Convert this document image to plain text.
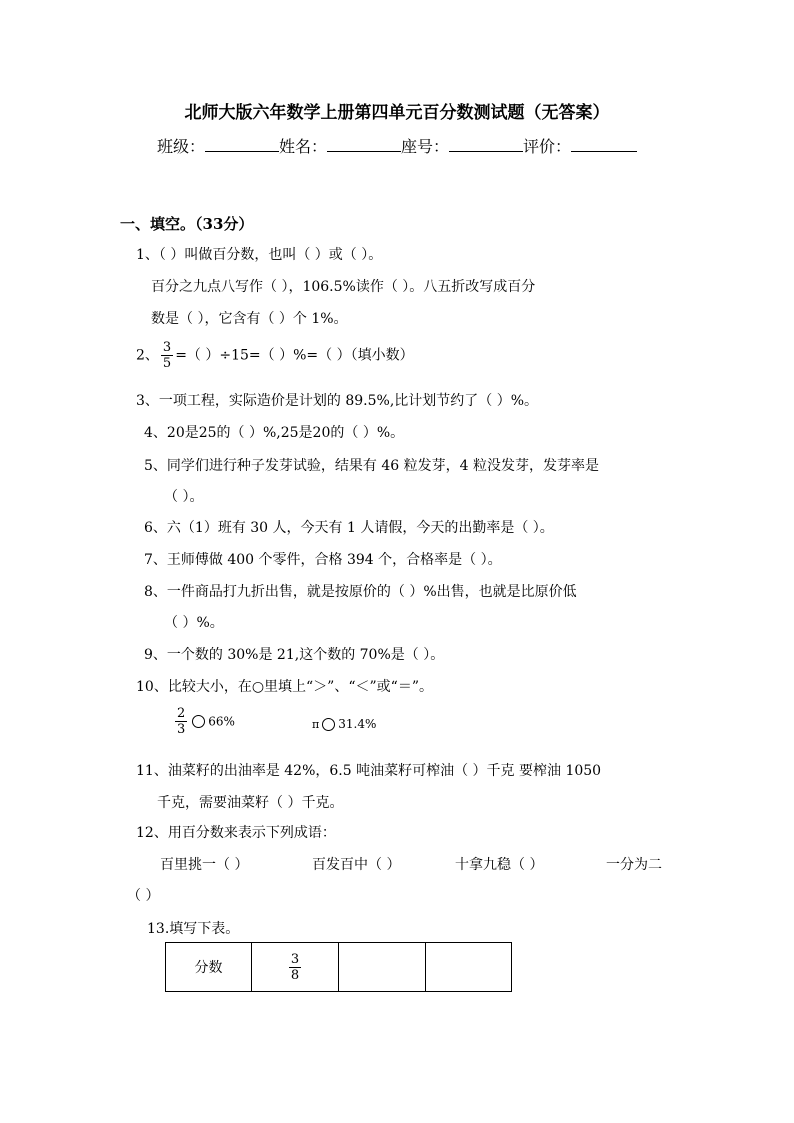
北师大版六年数学上册第四单元百分数测试题（无答案）
班级：	姓名：	座号：	评价：
一、填空。（33分）
1、（ ）叫做百分数，也叫（ ）或（ ）。
百分之九点八写作（ ），106.5%读作（ ）。八五折改写成百分
数是（ ），它含有（ ）个 1%。
2、 $\frac{3}{5}$ =（ ）÷15=（ ）%=（ ）（填小数）
3、一项工程，实际造价是计划的 89.5%,比计划节约了（ ）%。
4、20是25的（ ）%,25是20的（ ）%。
5、同学们进行种子发芽试验，结果有 46 粒发芽，4 粒没发芽，发芽率是
（ ）。
6、六（1）班有 30 人，今天有 1 人请假，今天的出勤率是（ ）。
7、王师傅做 400 个零件，合格 394 个，合格率是（ ）。
8、一件商品打九折出售，就是按原价的（ ）%出售，也就是比原价低
（ ）%。
9、一个数的 30%是 21,这个数的 70%是（ ）。
10、比较大小，在○里填上“＞”、“＜”或“＝”。
$\frac{2}{3} 66\%$	π 31.4%
11、油菜籽的出油率是 42%，6.5 吨油菜籽可榨油（ ）千克 要榨油 1050
千克，需要油菜籽（ ）千克。
12、用百分数来表示下列成语：
百里挑一（ ）	百发百中（ ）	十拿九稳（ ）	一分为二
（ ）
13.填写下表。
分数	$\frac{3}{8}$
